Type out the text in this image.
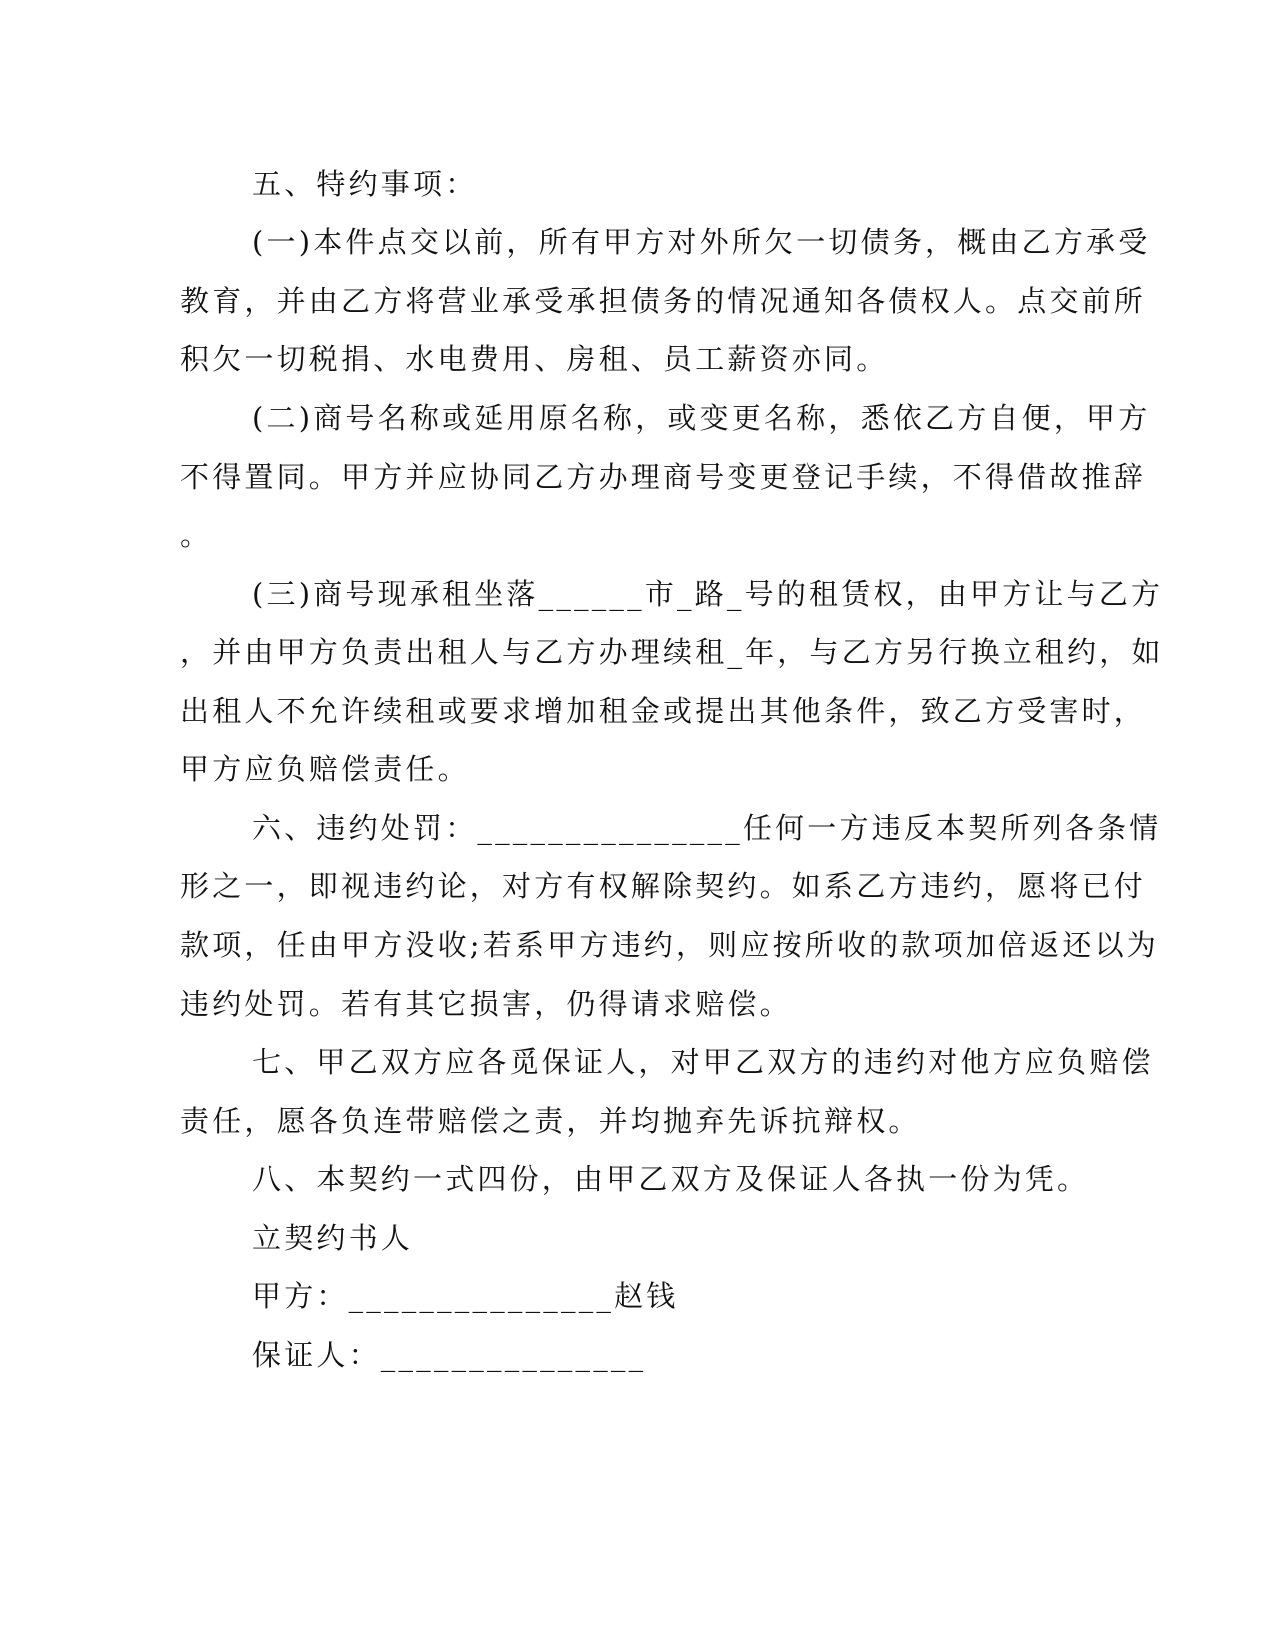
五、特约事项：
(一)本件点交以前，所有甲方对外所欠一切债务，概由乙方承受
教育，并由乙方将营业承受承担债务的情况通知各债权人。点交前所
积欠一切税捐、水电费用、房租、员工薪资亦同。
(二)商号名称或延用原名称，或变更名称，悉依乙方自便，甲方
不得置同。甲方并应协同乙方办理商号变更登记手续，不得借故推辞
。
(三)商号现承租坐落______市_路_号的租赁权，由甲方让与乙方
，并由甲方负责出租人与乙方办理续租_年，与乙方另行换立租约，如
出租人不允许续租或要求增加租金或提出其他条件，致乙方受害时，
甲方应负赔偿责任。
六、违约处罚：_______________任何一方违反本契所列各条情
形之一，即视违约论，对方有权解除契约。如系乙方违约，愿将已付
款项，任由甲方没收;若系甲方违约，则应按所收的款项加倍返还以为
违约处罚。若有其它损害，仍得请求赔偿。
七、甲乙双方应各觅保证人，对甲乙双方的违约对他方应负赔偿
责任，愿各负连带赔偿之责，并均抛弃先诉抗辩权。
八、本契约一式四份，由甲乙双方及保证人各执一份为凭。
立契约书人
甲方：_______________赵钱
保证人：_______________
